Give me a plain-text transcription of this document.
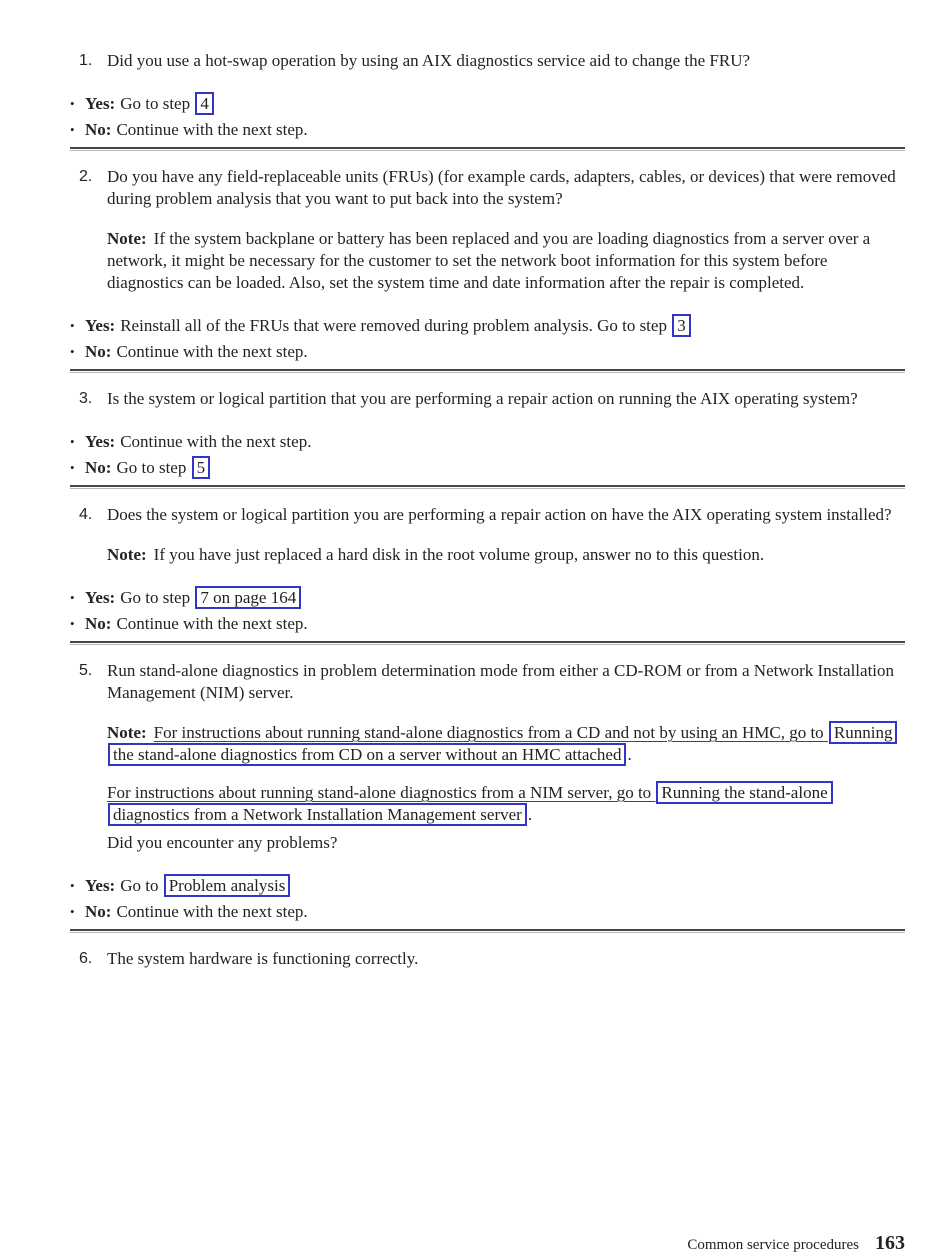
1. Did you use a hot-swap operation by using an AIX diagnostics service aid to change the FRU?
• Yes: Go to step 4
• No: Continue with the next step.
2. Do you have any field-replaceable units (FRUs) (for example cards, adapters, cables, or devices) that were removed during problem analysis that you want to put back into the system?
Note: If the system backplane or battery has been replaced and you are loading diagnostics from a server over a network, it might be necessary for the customer to set the network boot information for this system before diagnostics can be loaded. Also, set the system time and date information after the repair is completed.
• Yes: Reinstall all of the FRUs that were removed during problem analysis. Go to step 3
• No: Continue with the next step.
3. Is the system or logical partition that you are performing a repair action on running the AIX operating system?
• Yes: Continue with the next step.
• No: Go to step 5
4. Does the system or logical partition you are performing a repair action on have the AIX operating system installed?
Note: If you have just replaced a hard disk in the root volume group, answer no to this question.
• Yes: Go to step 7 on page 164
• No: Continue with the next step.
5. Run stand-alone diagnostics in problem determination mode from either a CD-ROM or from a Network Installation Management (NIM) server.
Note: For instructions about running stand-alone diagnostics from a CD and not by using an HMC, go to Running the stand-alone diagnostics from CD on a server without an HMC attached .
For instructions about running stand-alone diagnostics from a NIM server, go to Running the stand-alone diagnostics from a Network Installation Management server .
Did you encounter any problems?
• Yes: Go to Problem analysis
• No: Continue with the next step.
6. The system hardware is functioning correctly.
Common service procedures 163
